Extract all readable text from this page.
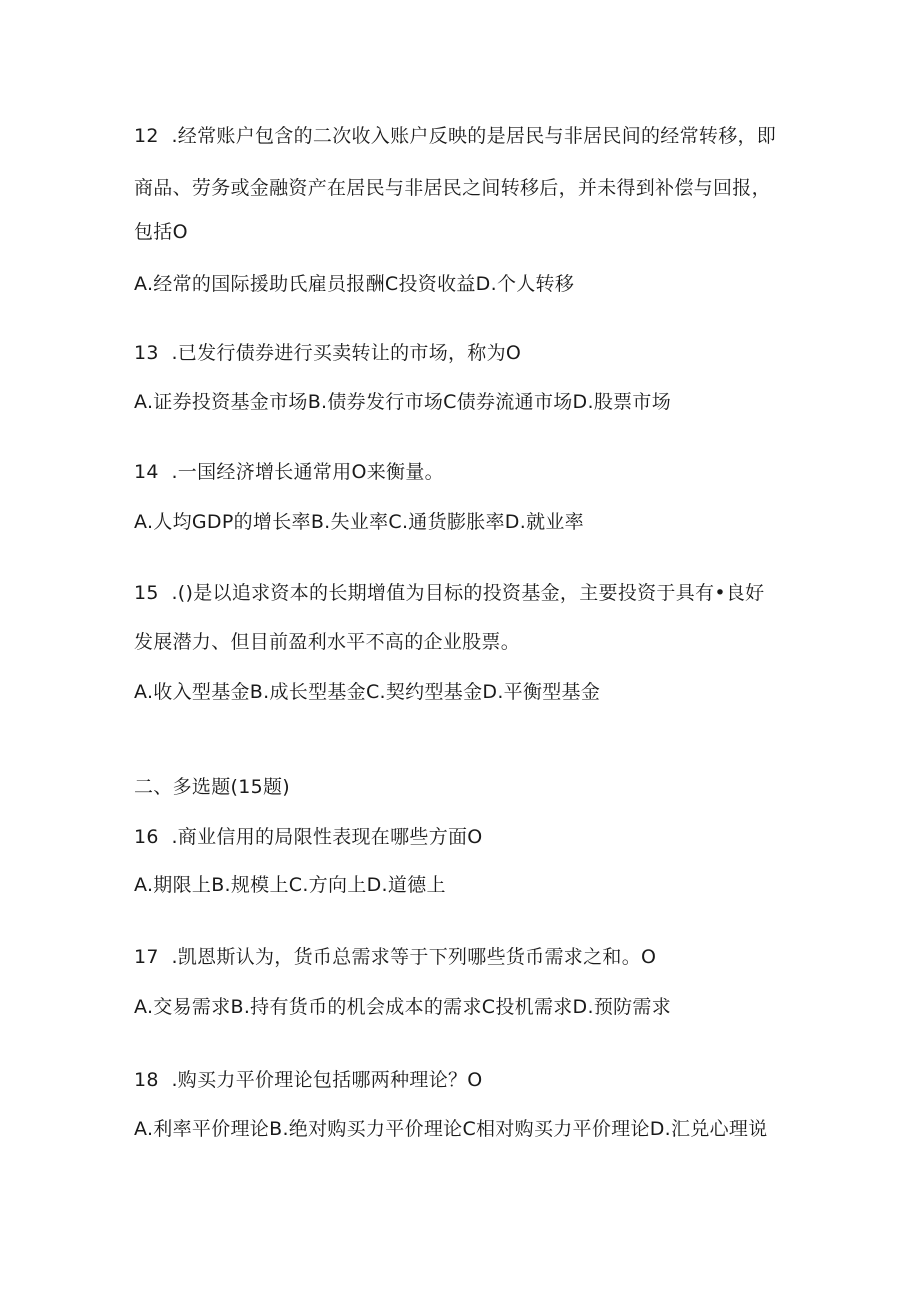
12  .经常账户包含的二次收入账户反映的是居民与非居民间的经常转移，即
商品、劳务或金融资产在居民与非居民之间转移后，并未得到补偿与回报，
包括O
A.经常的国际援助氏雇员报酬C投资收益D.个人转移
13  .已发行债券进行买卖转让的市场，称为O
A.证券投资基金市场B.债券发行市场C债券流通市场D.股票市场
14  .一国经济增长通常用O来衡量。
A.人均GDP的增长率B.失业率C.通货膨胀率D.就业率
15  .()是以追求资本的长期增值为目标的投资基金，主要投资于具有•良好
发展潜力、但目前盈利水平不高的企业股票。
A.收入型基金B.成长型基金C.契约型基金D.平衡型基金
二、多选题(15题)
16  .商业信用的局限性表现在哪些方面O
A.期限上B.规模上C.方向上D.道德上
17  .凯恩斯认为，货币总需求等于下列哪些货币需求之和。O
A.交易需求B.持有货币的机会成本的需求C投机需求D.预防需求
18  .购买力平价理论包括哪两种理论？O
A.利率平价理论B.绝对购买力平价理论C相对购买力平价理论D.汇兑心理说
